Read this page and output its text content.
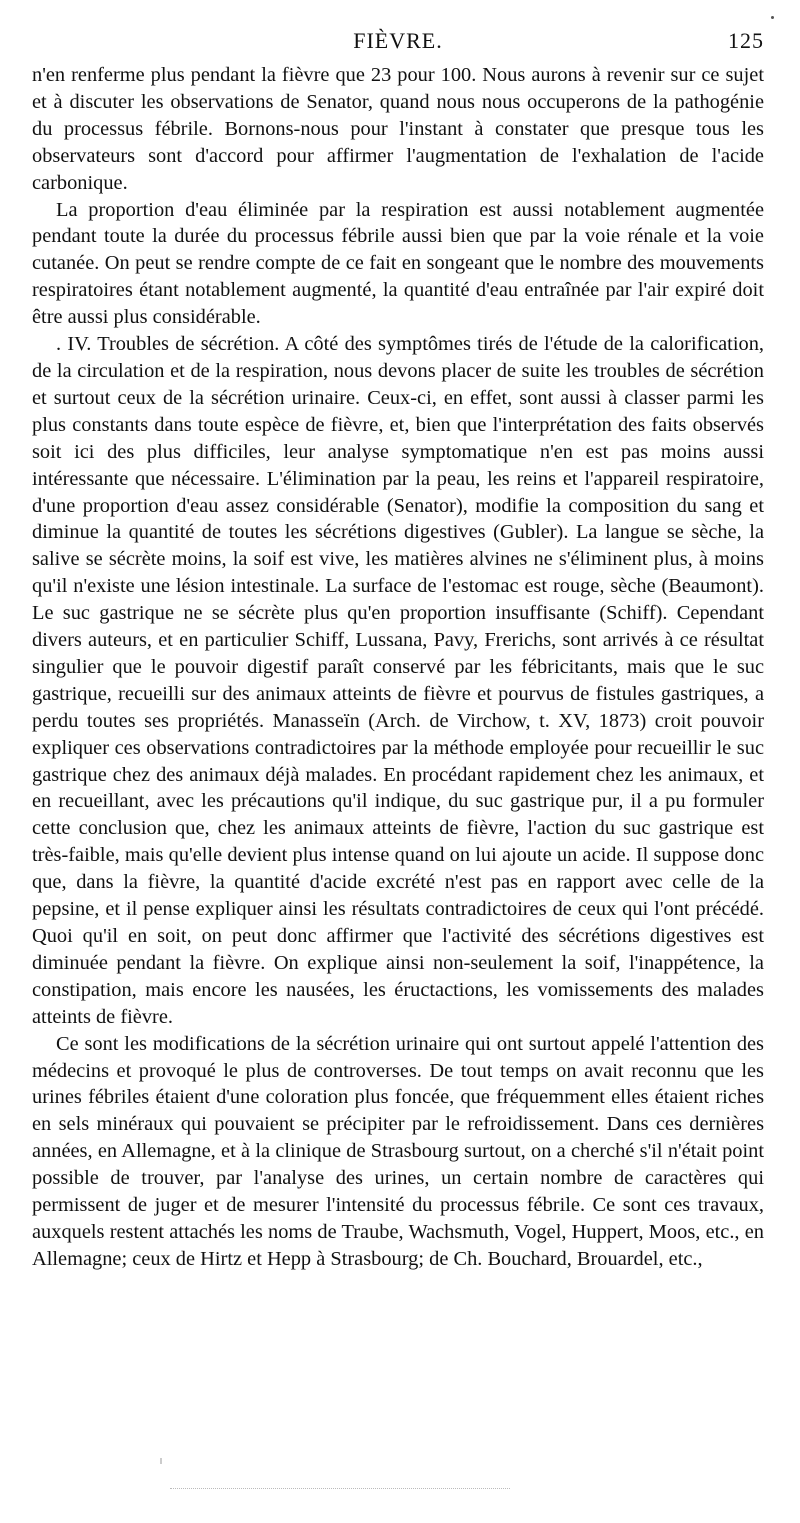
FIÈVRE.	125

n'en renferme plus pendant la fièvre que 23 pour 100. Nous aurons à revenir sur ce sujet et à discuter les observations de Senator, quand nous nous occuperons de la pathogénie du processus fébrile. Bornons-nous pour l'instant à constater que presque tous les observateurs sont d'accord pour affirmer l'augmentation de l'exhalation de l'acide carbonique.

La proportion d'eau éliminée par la respiration est aussi notablement augmentée pendant toute la durée du processus fébrile aussi bien que par la voie rénale et la voie cutanée. On peut se rendre compte de ce fait en songeant que le nombre des mouvements respiratoires étant notablement augmenté, la quantité d'eau entraînée par l'air expiré doit être aussi plus considérable.

. IV. Troubles de sécrétion. A côté des symptômes tirés de l'étude de la calorification, de la circulation et de la respiration, nous devons placer de suite les troubles de sécrétion et surtout ceux de la sécrétion urinaire. Ceux-ci, en effet, sont aussi à classer parmi les plus constants dans toute espèce de fièvre, et, bien que l'interprétation des faits observés soit ici des plus difficiles, leur analyse symptomatique n'en est pas moins aussi intéressante que nécessaire. L'élimination par la peau, les reins et l'appareil respiratoire, d'une proportion d'eau assez considérable (Senator), modifie la composition du sang et diminue la quantité de toutes les sécrétions digestives (Gubler). La langue se sèche, la salive se sécrète moins, la soif est vive, les matières alvines ne s'éliminent plus, à moins qu'il n'existe une lésion intestinale. La surface de l'estomac est rouge, sèche (Beaumont). Le suc gastrique ne se sécrète plus qu'en proportion insuffisante (Schiff). Cependant divers auteurs, et en particulier Schiff, Lussana, Pavy, Frerichs, sont arrivés à ce résultat singulier que le pouvoir digestif paraît conservé par les fébricitants, mais que le suc gastrique, recueilli sur des animaux atteints de fièvre et pourvus de fistules gastriques, a perdu toutes ses propriétés. Manasseïn (Arch. de Virchow, t. XV, 1873) croit pouvoir expliquer ces observations contradictoires par la méthode employée pour recueillir le suc gastrique chez des animaux déjà malades. En procédant rapidement chez les animaux, et en recueillant, avec les précautions qu'il indique, du suc gastrique pur, il a pu formuler cette conclusion que, chez les animaux atteints de fièvre, l'action du suc gastrique est très-faible, mais qu'elle devient plus intense quand on lui ajoute un acide. Il suppose donc que, dans la fièvre, la quantité d'acide excrété n'est pas en rapport avec celle de la pepsine, et il pense expliquer ainsi les résultats contradictoires de ceux qui l'ont précédé. Quoi qu'il en soit, on peut donc affirmer que l'activité des sécrétions digestives est diminuée pendant la fièvre. On explique ainsi non-seulement la soif, l'inappétence, la constipation, mais encore les nausées, les éructactions, les vomissements des malades atteints de fièvre.

Ce sont les modifications de la sécrétion urinaire qui ont surtout appelé l'attention des médecins et provoqué le plus de controverses. De tout temps on avait reconnu que les urines fébriles étaient d'une coloration plus foncée, que fréquemment elles étaient riches en sels minéraux qui pouvaient se précipiter par le refroidissement. Dans ces dernières années, en Allemagne, et à la clinique de Strasbourg surtout, on a cherché s'il n'était point possible de trouver, par l'analyse des urines, un certain nombre de caractères qui permissent de juger et de mesurer l'intensité du processus fébrile. Ce sont ces travaux, auxquels restent attachés les noms de Traube, Wachsmuth, Vogel, Huppert, Moos, etc., en Allemagne; ceux de Hirtz et Hepp à Strasbourg; de Ch. Bouchard, Brouardel, etc.,
